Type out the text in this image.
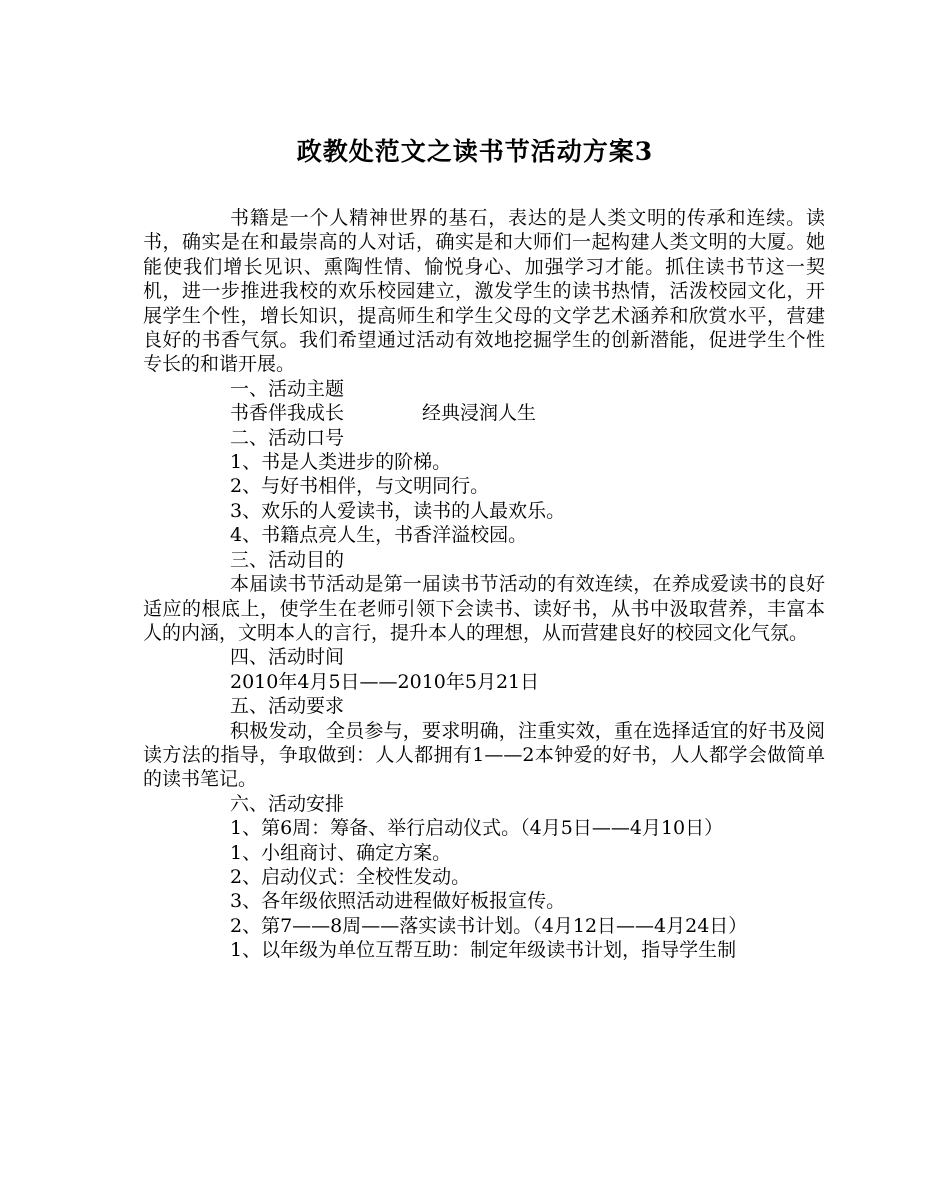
政教处范文之读书节活动方案3

书籍是一个人精神世界的基石，表达的是人类文明的传承和连续。读书，确实是在和最崇高的人对话，确实是和大师们一起构建人类文明的大厦。她能使我们增长见识、熏陶性情、愉悦身心、加强学习才能。抓住读书节这一契机，进一步推进我校的欢乐校园建立，激发学生的读书热情，活泼校园文化，开展学生个性，增长知识，提高师生和学生父母的文学艺术涵养和欣赏水平，营建良好的书香气氛。我们希望通过活动有效地挖掘学生的创新潜能，促进学生个性专长的和谐开展。

一、活动主题

书香伴我成长	经典浸润人生

二、活动口号

1、书是人类进步的阶梯。

2、与好书相伴，与文明同行。

3、欢乐的人爱读书，读书的人最欢乐。

4、书籍点亮人生，书香洋溢校园。

三、活动目的

本届读书节活动是第一届读书节活动的有效连续，在养成爱读书的良好适应的根底上，使学生在老师引领下会读书、读好书，从书中汲取营养，丰富本人的内涵，文明本人的言行，提升本人的理想，从而营建良好的校园文化气氛。

四、活动时间

2010年4月5日——2010年5月21日

五、活动要求

积极发动，全员参与，要求明确，注重实效，重在选择适宜的好书及阅读方法的指导，争取做到：人人都拥有1——2本钟爱的好书，人人都学会做简单的读书笔记。

六、活动安排

1、第6周：筹备、举行启动仪式。（4月5日——4月10日）

1、小组商讨、确定方案。

2、启动仪式：全校性发动。

3、各年级依照活动进程做好板报宣传。

2、第7——8周——落实读书计划。（4月12日——4月24日）

1、以年级为单位互帮互助：制定年级读书计划，指导学生制
